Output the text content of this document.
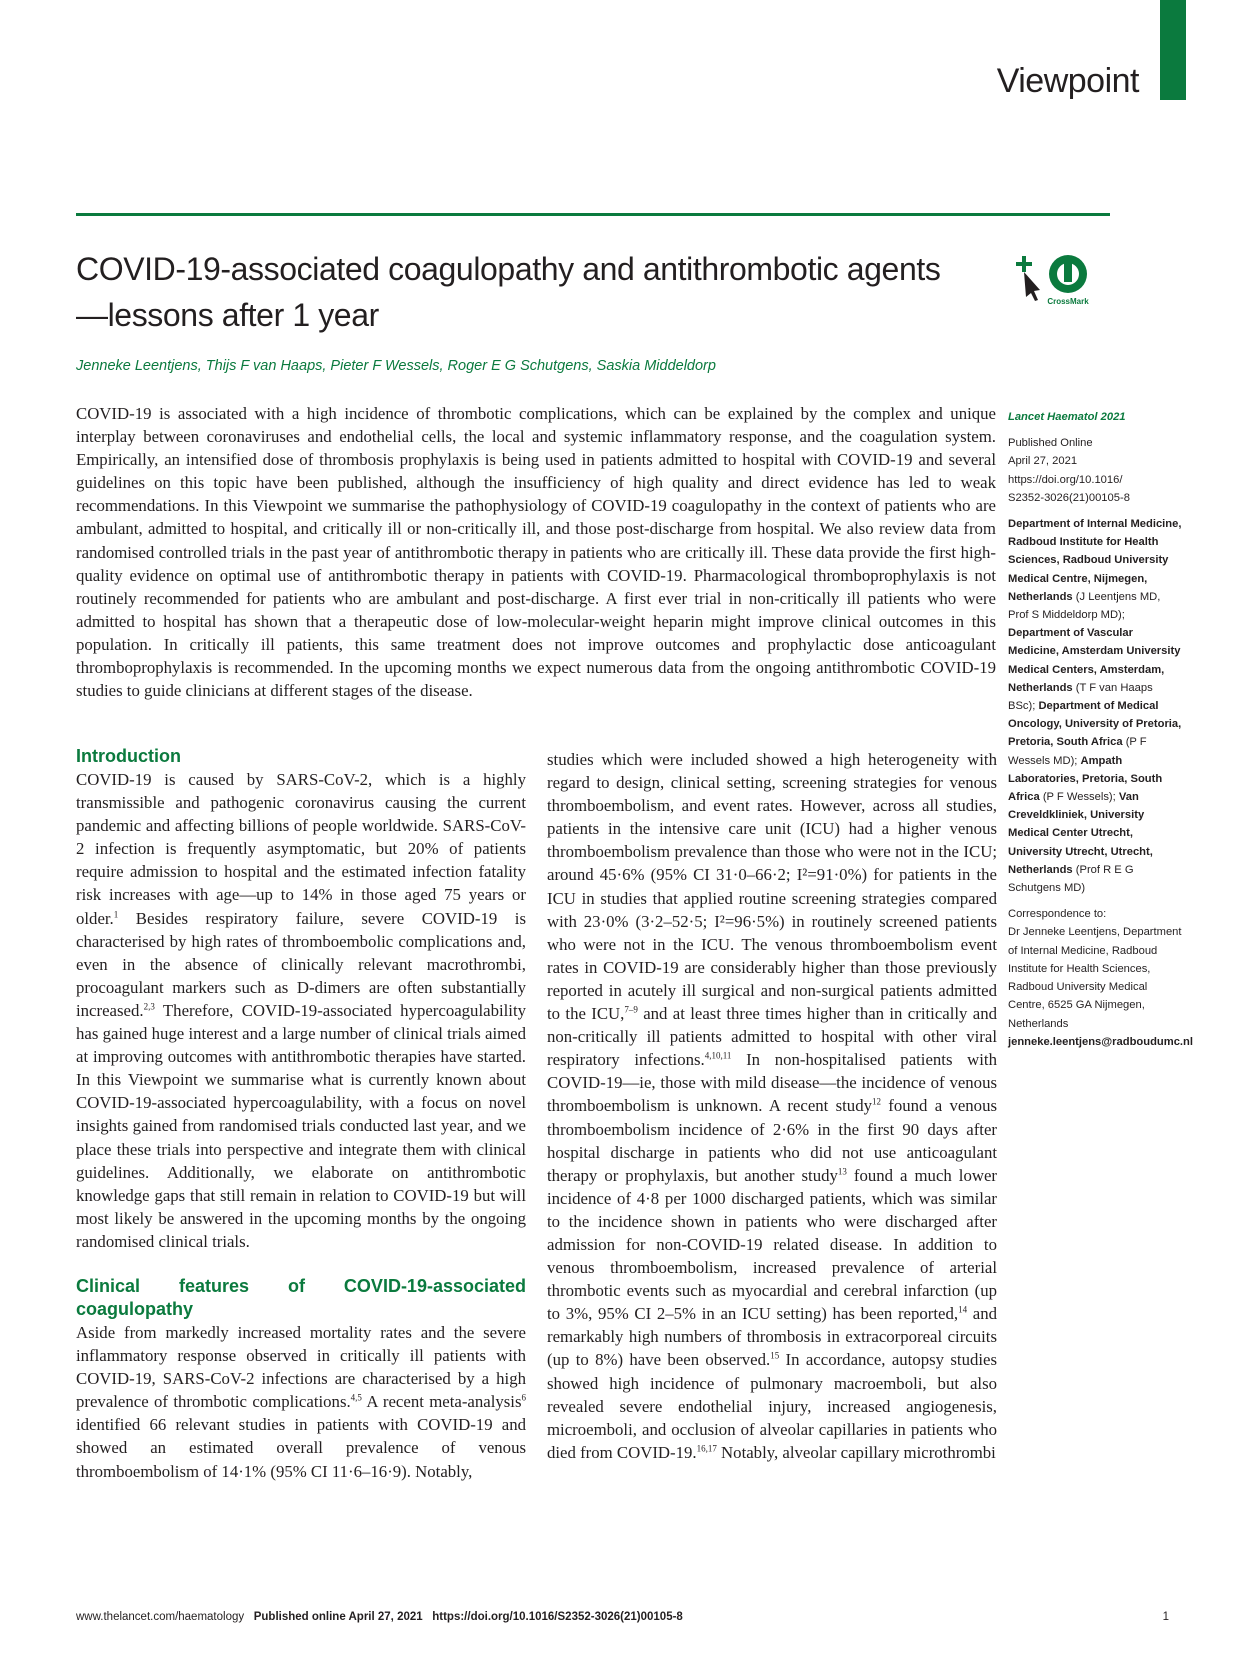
Viewpoint
COVID-19-associated coagulopathy and antithrombotic agents—lessons after 1 year	CrossMark
Jenneke Leentjens, Thijs F van Haaps, Pieter F Wessels, Roger E G Schutgens, Saskia Middeldorp

COVID-19 is associated with a high incidence of thrombotic complications, which can be explained by the complex and unique interplay between coronaviruses and endothelial cells, the local and systemic inflammatory response, and the coagulation system. Empirically, an intensified dose of thrombosis prophylaxis is being used in patients admitted to hospital with COVID-19 and several guidelines on this topic have been published, although the insufficiency of high quality and direct evidence has led to weak recommendations. In this Viewpoint we summarise the pathophysiology of COVID-19 coagulopathy in the context of patients who are ambulant, admitted to hospital, and critically ill or non-critically ill, and those post-discharge from hospital. We also review data from randomised controlled trials in the past year of antithrombotic therapy in patients who are critically ill. These data provide the first high-quality evidence on optimal use of antithrombotic therapy in patients with COVID-19. Pharmacological thromboprophylaxis is not routinely recommended for patients who are ambulant and post-discharge. A first ever trial in non-critically ill patients who were admitted to hospital has shown that a therapeutic dose of low-molecular-weight heparin might improve clinical outcomes in this population. In critically ill patients, this same treatment does not improve outcomes and prophylactic dose anticoagulant thromboprophylaxis is recommended. In the upcoming months we expect numerous data from the ongoing antithrombotic COVID-19 studies to guide clinicians at different stages of the disease.

Introduction

COVID-19 is caused by SARS-CoV-2, which is a highly transmissible and pathogenic coronavirus causing the current pandemic and affecting billions of people worldwide. SARS-CoV-2 infection is frequently asymptomatic, but 20% of patients require admission to hospital and the estimated infection fatality risk increases with age—up to 14% in those aged 75 years or older.$^1$ Besides respiratory failure, severe COVID-19 is characterised by high rates of thromboembolic complications and, even in the absence of clinically relevant macrothrombi, procoagulant markers such as D-dimers are often substantially increased.$^{2,3}$ Therefore, COVID-19-associated hypercoagulability has gained huge interest and a large number of clinical trials aimed at improving outcomes with antithrombotic therapies have started. In this Viewpoint we summarise what is currently known about COVID-19-associated hypercoagulability, with a focus on novel insights gained from randomised trials conducted last year, and we place these trials into perspective and integrate them with clinical guidelines. Additionally, we elaborate on antithrombotic knowledge gaps that still remain in relation to COVID-19 but will most likely be answered in the upcoming months by the ongoing randomised clinical trials.

Clinical features of COVID-19-associated coagulopathy

Aside from markedly increased mortality rates and the severe inflammatory response observed in critically ill patients with COVID-19, SARS-CoV-2 infections are characterised by a high prevalence of thrombotic complications.$^{4,5}$ A recent meta-analysis$^6$ identified 66 relevant studies in patients with COVID-19 and showed an estimated overall prevalence of venous thromboembolism of 14·1% (95% CI 11·6–16·9). Notably,

studies which were included showed a high heterogeneity with regard to design, clinical setting, screening strategies for venous thromboembolism, and event rates. However, across all studies, patients in the intensive care unit (ICU) had a higher venous thromboembolism prevalence than those who were not in the ICU; around 45·6% (95% CI 31·0–66·2; I²=91·0%) for patients in the ICU in studies that applied routine screening strategies compared with 23·0% (3·2–52·5; I²=96·5%) in routinely screened patients who were not in the ICU. The venous thromboembolism event rates in COVID-19 are considerably higher than those previously reported in acutely ill surgical and non-surgical patients admitted to the ICU,$^{7-9}$ and at least three times higher than in critically and non-critically ill patients admitted to hospital with other viral respiratory infections.$^{4,10,11}$ In non-hospitalised patients with COVID-19—ie, those with mild disease—the incidence of venous thromboembolism is unknown. A recent study$^{12}$ found a venous thromboembolism incidence of 2·6% in the first 90 days after hospital discharge in patients who did not use anticoagulant therapy or prophylaxis, but another study$^{13}$ found a much lower incidence of 4·8 per 1000 discharged patients, which was similar to the incidence shown in patients who were discharged after admission for non-COVID-19 related disease. In addition to venous thromboembolism, increased prevalence of arterial thrombotic events such as myocardial and cerebral infarction (up to 3%, 95% CI 2–5% in an ICU setting) has been reported,$^{14}$ and remarkably high numbers of thrombosis in extracorporeal circuits (up to 8%) have been observed.$^{15}$ In accordance, autopsy studies showed high incidence of pulmonary macroemboli, but also revealed severe endothelial injury, increased angiogenesis, microemboli, and occlusion of alveolar capillaries in patients who died from COVID-19.$^{16,17}$ Notably, alveolar capillary microthrombi

Lancet Haematol 2021
Published Online
April 27, 2021
https://doi.org/10.1016/
S2352-3026(21)00105-8
Department of Internal Medicine, Radboud Institute for Health Sciences, Radboud University Medical Centre, Nijmegen, Netherlands (J Leentjens MD, Prof S Middeldorp MD); Department of Vascular Medicine, Amsterdam University Medical Centers, Amsterdam, Netherlands (T F van Haaps BSc); Department of Medical Oncology, University of Pretoria, Pretoria, South Africa (P F Wessels MD); Ampath Laboratories, Pretoria, South Africa (P F Wessels); Van Creveldkliniek, University Medical Center Utrecht, University Utrecht, Utrecht, Netherlands (Prof R E G Schutgens MD)
Correspondence to:
Dr Jenneke Leentjens, Department of Internal Medicine, Radboud Institute for Health Sciences, Radboud University Medical Centre, 6525 GA Nijmegen, Netherlands
jenneke.leentjens@radboudumc.nl
www.thelancet.com/haematology Published online April 27, 2021 https://doi.org/10.1016/S2352-3026(21)00105-8	1
